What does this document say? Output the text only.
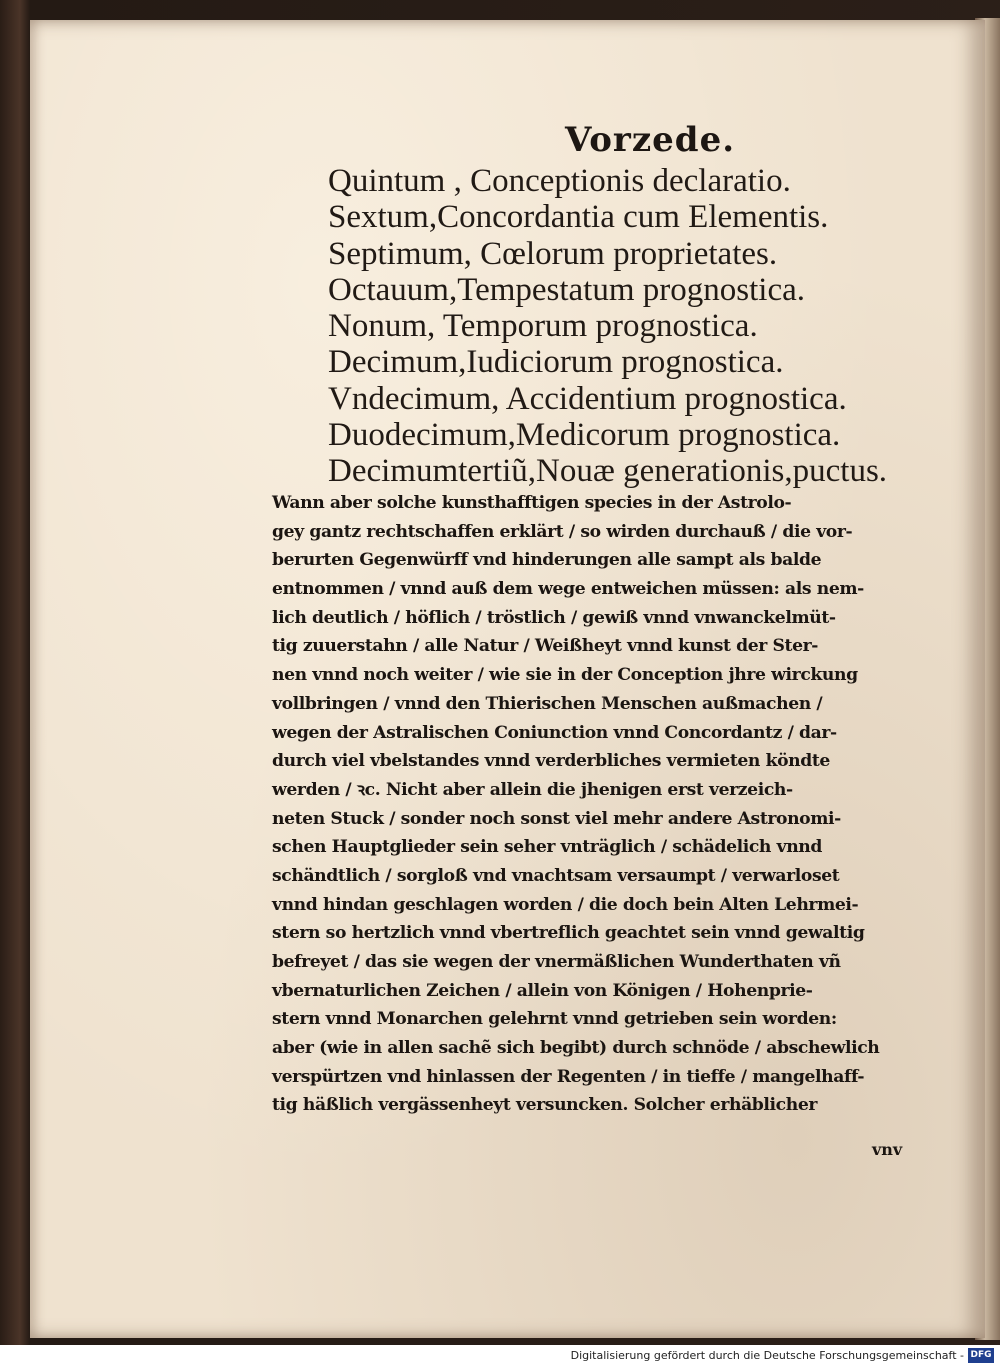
Vorzede.
Quintum , Conceptionis declaratio.
Sextum,Concordantia cum Elementis.
Septimum, Cœlorum proprietates.
Octauum,Tempestatum prognostica.
Nonum, Temporum prognostica.
Decimum,Iudiciorum prognostica.
Vndecimum, Accidentium prognostica.
Duodecimum,Medicorum prognostica.
Decimumtertiũ,Nouæ generationis,puctus.
Wann aber solche kunsthafftigen species in der Astrolo-
gey gantz rechtschaffen erklärt / so wirden durchauß / die vor-
berurten Gegenwürff vnd hinderungen alle sampt als balde
entnommen / vnnd auß dem wege entweichen müssen: als nem-
lich deutlich / höflich / tröstlich / gewiß vnnd vnwanckelmüt-
tig zuuerstahn / alle Natur / Weißheyt vnnd kunst der Ster-
nen vnnd noch weiter / wie sie in der Conception jhre wirckung
vollbringen / vnnd den Thierischen Menschen außmachen /
wegen der Astralischen Coniunction vnnd Concordantz / dar-
durch viel vbelstandes vnnd verderbliches vermieten köndte
werden / ꝛc. Nicht aber allein die jhenigen erst verzeich-
neten Stuck / sonder noch sonst viel mehr andere Astronomi-
schen Hauptglieder sein seher vnträglich / schädelich vnnd
schändtlich / sorgloß vnd vnachtsam versaumpt / verwarloset
vnnd hindan geschlagen worden / die doch bein Alten Lehrmei-
stern so hertzlich vnnd vbertreflich geachtet sein vnnd gewaltig
befreyet / das sie wegen der vnermäßlichen Wunderthaten vñ
vbernaturlichen Zeichen / allein von Königen / Hohenprie-
stern vnnd Monarchen gelehrnt vnnd getrieben sein worden:
aber (wie in allen sachẽ sich begibt) durch schnöde / abschewlich
verspürtzen vnd hinlassen der Regenten / in tieffe / mangelhaff-
tig häßlich vergässenheyt versuncken. Solcher erhäblicher
vnv
Digitalisierung gefördert durch die Deutsche Forschungsgemeinschaft - DFG
